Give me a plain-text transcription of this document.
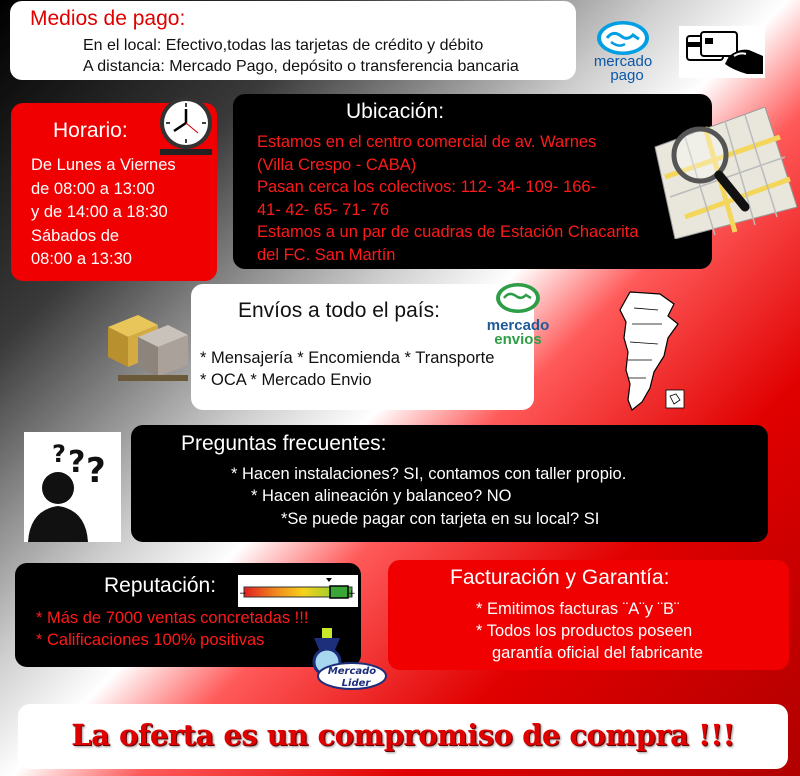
Medios de pago:
En el local: Efectivo,todas las tarjetas de crédito y débito
A distancia: Mercado Pago, depósito o transferencia bancaria	mercado
pago
Horario:
De Lunes a Viernes
de 08:00 a 13:00
y de 14:00 a 18:30
Sábados de
08:00 a 13:30
Ubicación:
Estamos en el centro comercial de av. Warnes
(Villa Crespo - CABA)
Pasan cerca los colectivos: 112- 34- 109- 166-
41- 42- 65- 71- 76
Estamos a un par de cuadras de Estación Chacarita
del FC. San Martín
Envíos a todo el país:
* Mensajería * Encomienda * Transporte
* OCA * Mercado Envio
mercado
envios
? ?
?	Preguntas frecuentes:
* Hacen instalaciones? SI, contamos con taller propio.
* Hacen alineación y balanceo? NO
*Se puede pagar con tarjeta en su local? SI
Reputación:
* Más de 7000 ventas concretadas !!!
* Calificaciones 100% positivas
−	+
Mercado
Lider
Facturación y Garantía:
* Emitimos facturas ¨A¨y ¨B¨
* Todos los productos poseen
garantía oficial del fabricante
La oferta es un compromiso de compra !!!
